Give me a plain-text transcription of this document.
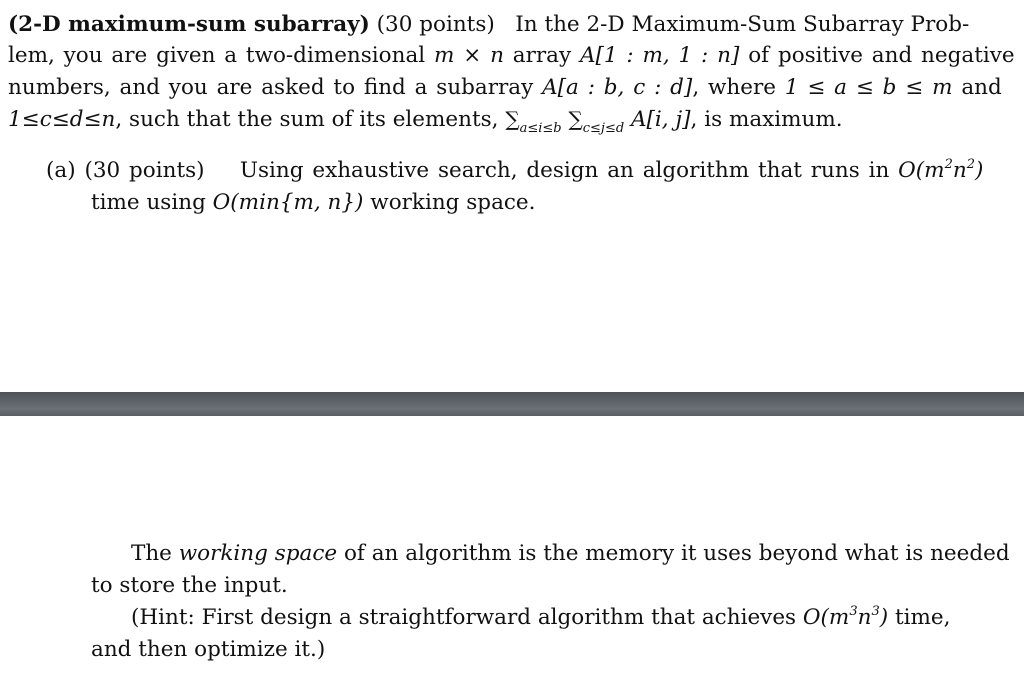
(2-D maximum-sum subarray) (30 points) In the 2-D Maximum-Sum Subarray Prob-
lem, you are given a two-dimensional m × n array A[1 : m, 1 : n] of positive and negative
numbers, and you are asked to find a subarray A[a : b, c : d], where 1 ≤ a ≤ b ≤ m and
1≤c≤d≤n, such that the sum of its elements, $\sum_{a\le i\le b}$ $\sum_{c\le j\le d}$ A[i, j], is maximum.
(a) (30 points) Using exhaustive search, design an algorithm that runs in $O(m^2n^2)$
time using O(min{m, n}) working space.
The working space of an algorithm is the memory it uses beyond what is needed
to store the input.
(Hint: First design a straightforward algorithm that achieves $O(m^3n^3)$ time,
and then optimize it.)
